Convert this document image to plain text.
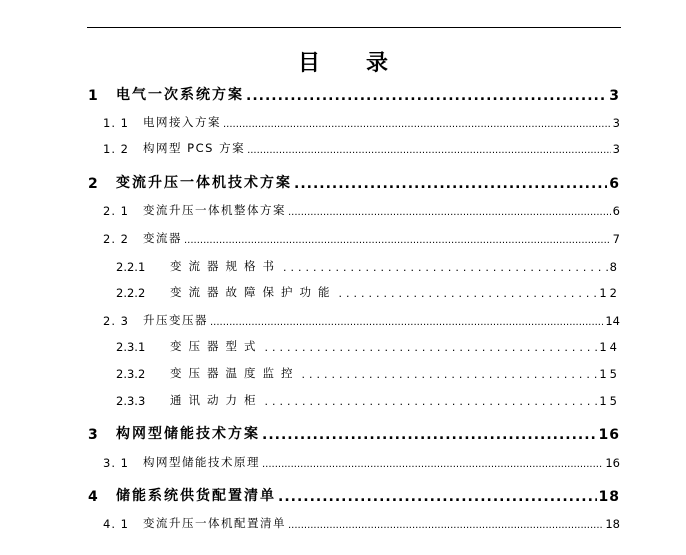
目 录
1	电气一次系统方案 .....	3
1. 1	电网接入方案 .....	3
1. 2	构网型 PCS 方案 .....	3
2	变流升压一体机技术方案 .....	6
2. 1	变流升压一体机整体方案 .....	6
2. 2	变流器 .....	7
2.2.1	变流器规格书 .....	8
2.2.2	变流器故障保护功能 .....	12
2. 3	升压变压器 .....	14
2.3.1	变压器型式 .....	14
2.3.2	变压器温度监控 .....	15
2.3.3	通讯动力柜 .....	15
3	构网型储能技术方案 .....	16
3. 1	构网型储能技术原理 .....	16
4	储能系统供货配置清单 .....	18
4. 1	变流升压一体机配置清单 .....	18
